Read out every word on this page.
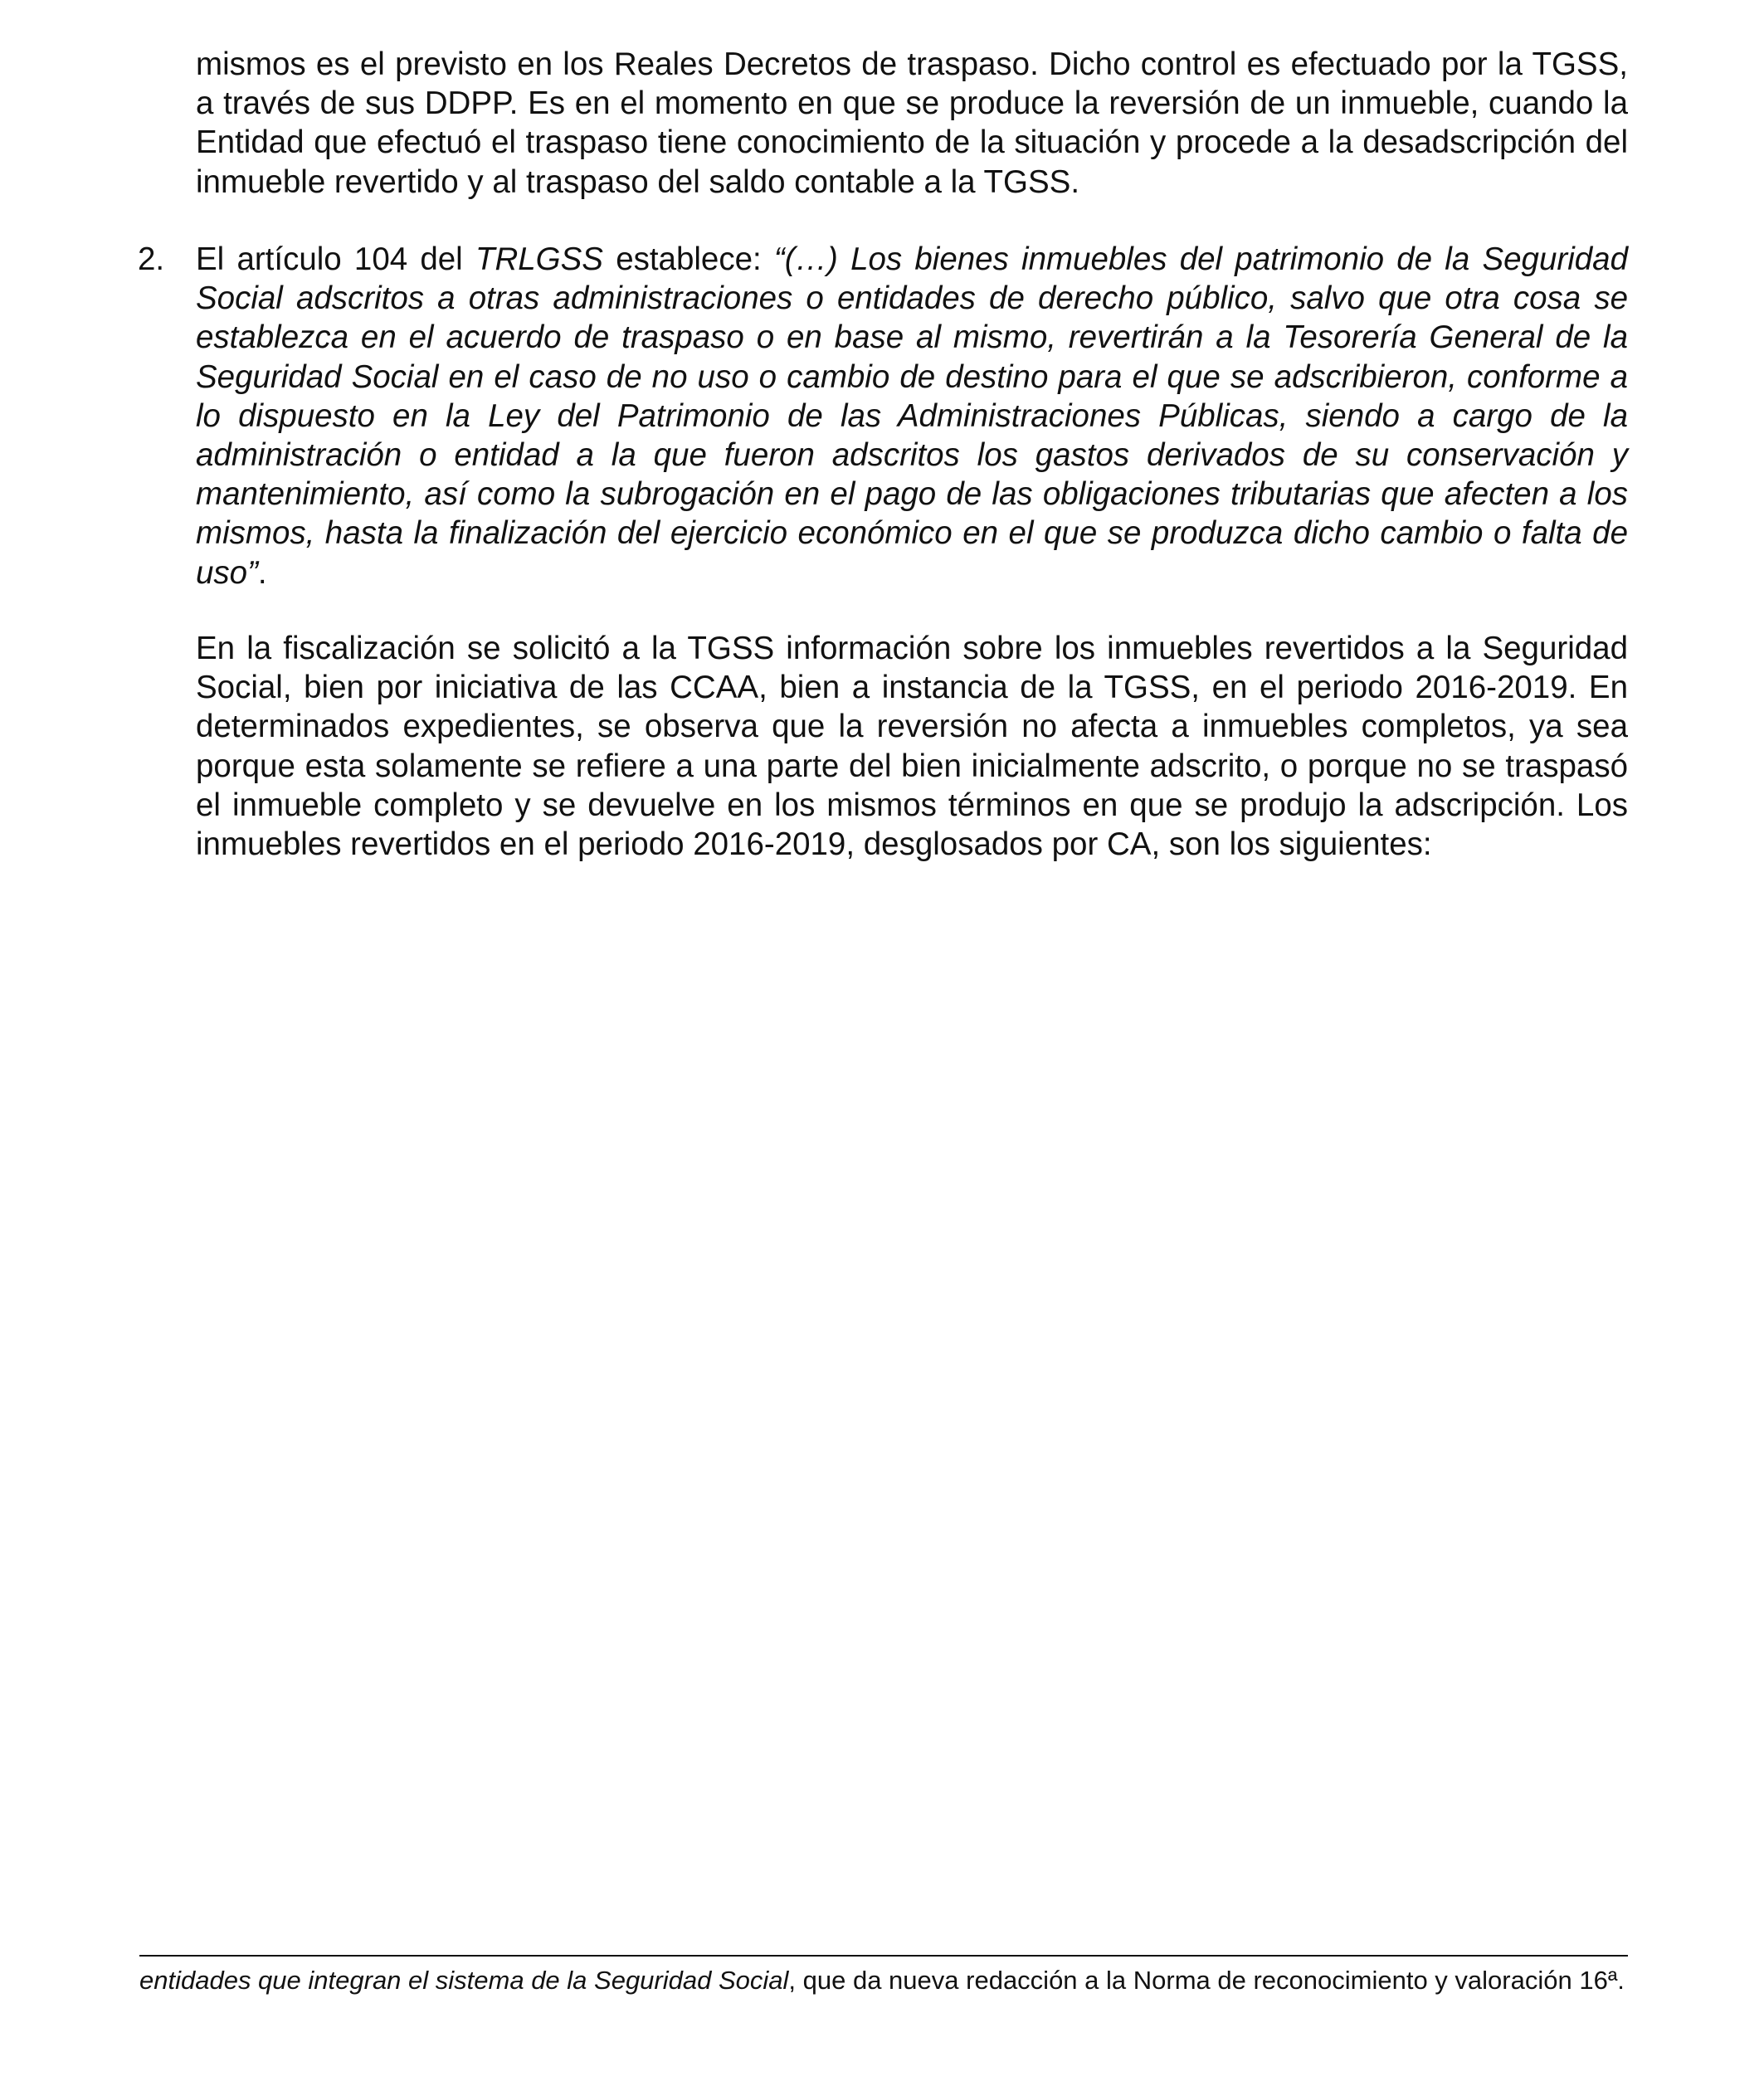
mismos es el previsto en los Reales Decretos de traspaso. Dicho control es efectuado por la TGSS, a través de sus DDPP. Es en el momento en que se produce la reversión de un inmueble, cuando la Entidad que efectuó el traspaso tiene conocimiento de la situación y procede a la desadscripción del inmueble revertido y al traspaso del saldo contable a la TGSS.

2. El artículo 104 del TRLGSS establece: “(…) Los bienes inmuebles del patrimonio de la Seguridad Social adscritos a otras administraciones o entidades de derecho público, salvo que otra cosa se establezca en el acuerdo de traspaso o en base al mismo, revertirán a la Tesorería General de la Seguridad Social en el caso de no uso o cambio de destino para el que se adscribieron, conforme a lo dispuesto en la Ley del Patrimonio de las Administraciones Públicas, siendo a cargo de la administración o entidad a la que fueron adscritos los gastos derivados de su conservación y mantenimiento, así como la subrogación en el pago de las obligaciones tributarias que afecten a los mismos, hasta la finalización del ejercicio económico en el que se produzca dicho cambio o falta de uso”.

En la fiscalización se solicitó a la TGSS información sobre los inmuebles revertidos a la Seguridad Social, bien por iniciativa de las CCAA, bien a instancia de la TGSS, en el periodo 2016-2019. En determinados expedientes, se observa que la reversión no afecta a inmuebles completos, ya sea porque esta solamente se refiere a una parte del bien inicialmente adscrito, o porque no se traspasó el inmueble completo y se devuelve en los mismos términos en que se produjo la adscripción. Los inmuebles revertidos en el periodo 2016-2019, desglosados por CA, son los siguientes:

entidades que integran el sistema de la Seguridad Social, que da nueva redacción a la Norma de reconocimiento y valoración 16ª.
